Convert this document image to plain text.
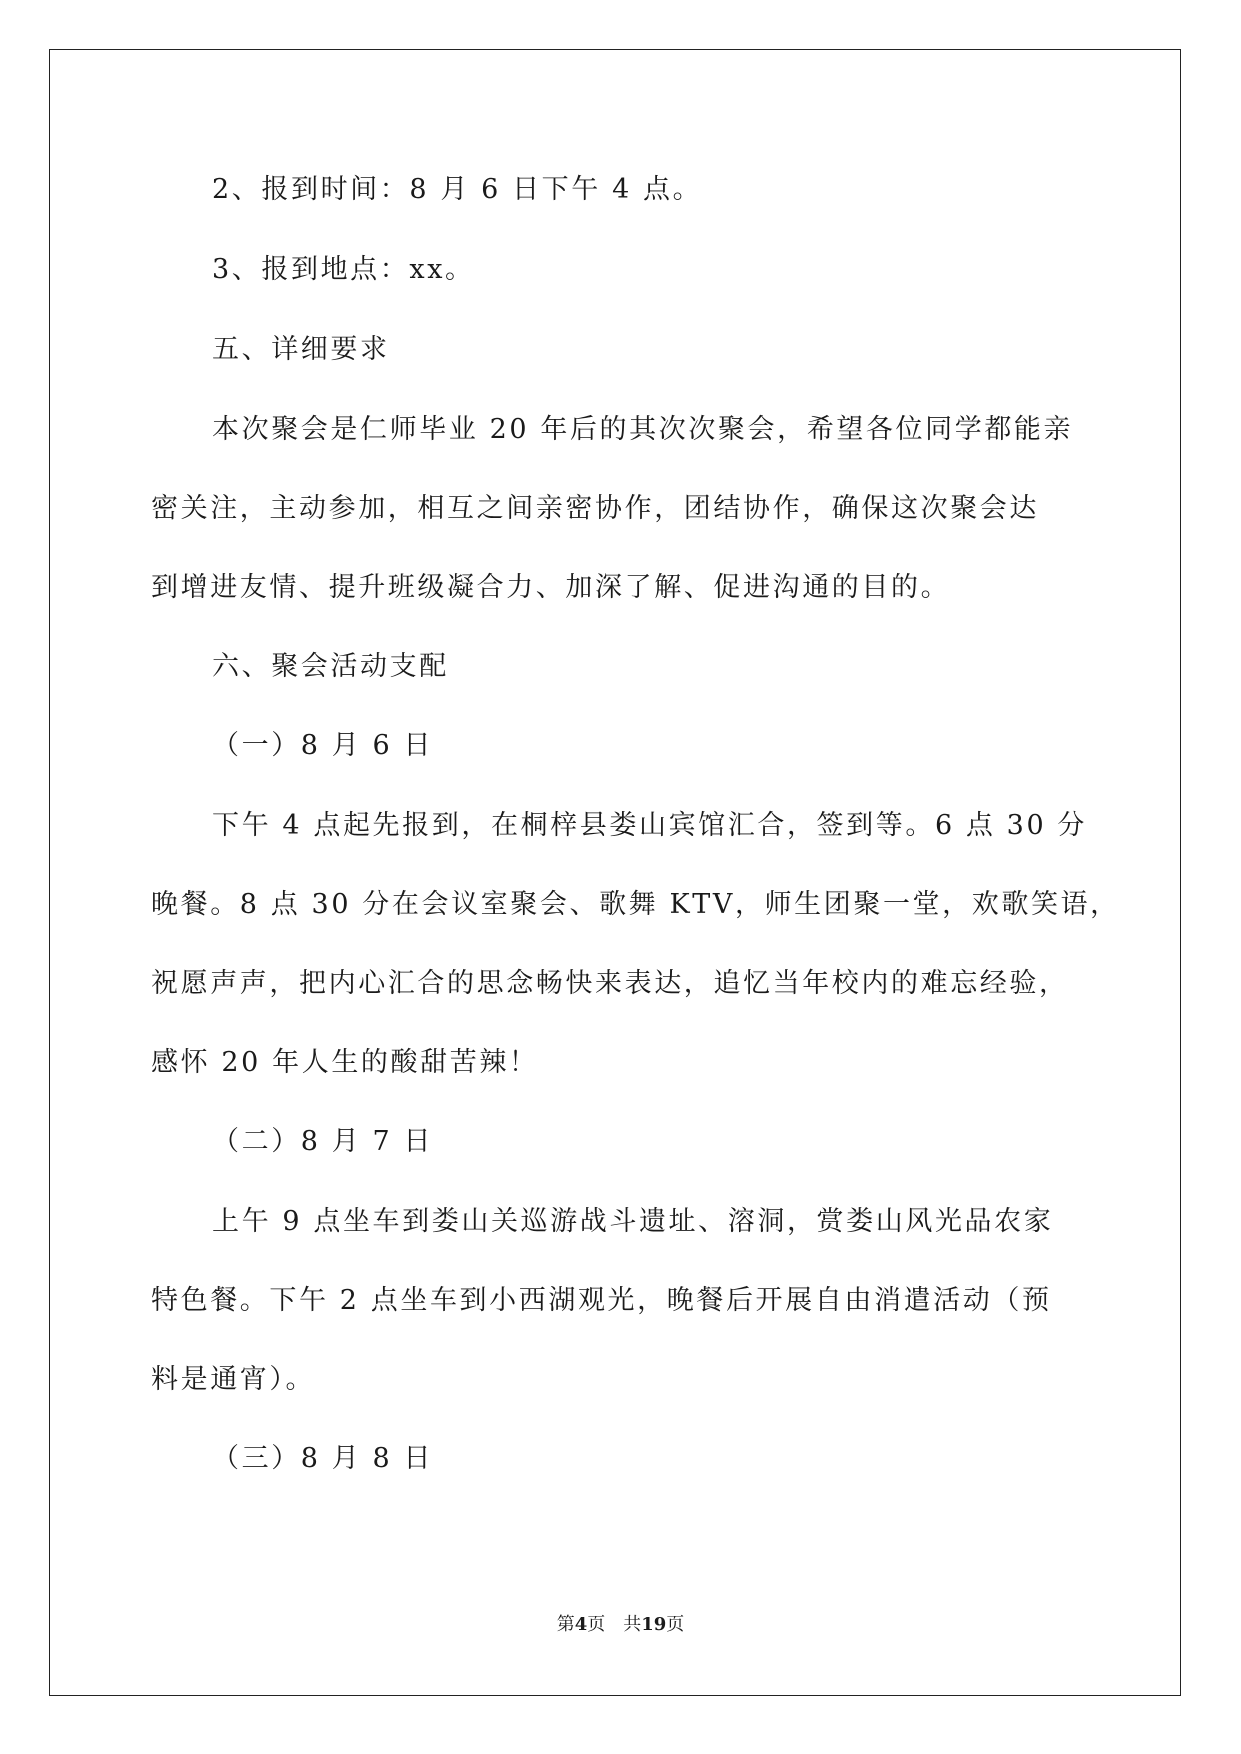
2、报到时间：8 月 6 日下午 4 点。
3、报到地点：xx。
五、详细要求
本次聚会是仁师毕业 20 年后的其次次聚会，希望各位同学都能亲
密关注，主动参加，相互之间亲密协作，团结协作，确保这次聚会达
到增进友情、提升班级凝合力、加深了解、促进沟通的目的。
六、聚会活动支配
（一）8 月 6 日
下午 4 点起先报到，在桐梓县娄山宾馆汇合，签到等。6 点 30 分
晚餐。8 点 30 分在会议室聚会、歌舞 KTV，师生团聚一堂，欢歌笑语，
祝愿声声，把内心汇合的思念畅快来表达，追忆当年校内的难忘经验，
感怀 20 年人生的酸甜苦辣！
（二）8 月 7 日
上午 9 点坐车到娄山关巡游战斗遗址、溶洞，赏娄山风光品农家
特色餐。下午 2 点坐车到小西湖观光，晚餐后开展自由消遣活动（预
料是通宵）。
（三）8 月 8 日
第4页　共19页
